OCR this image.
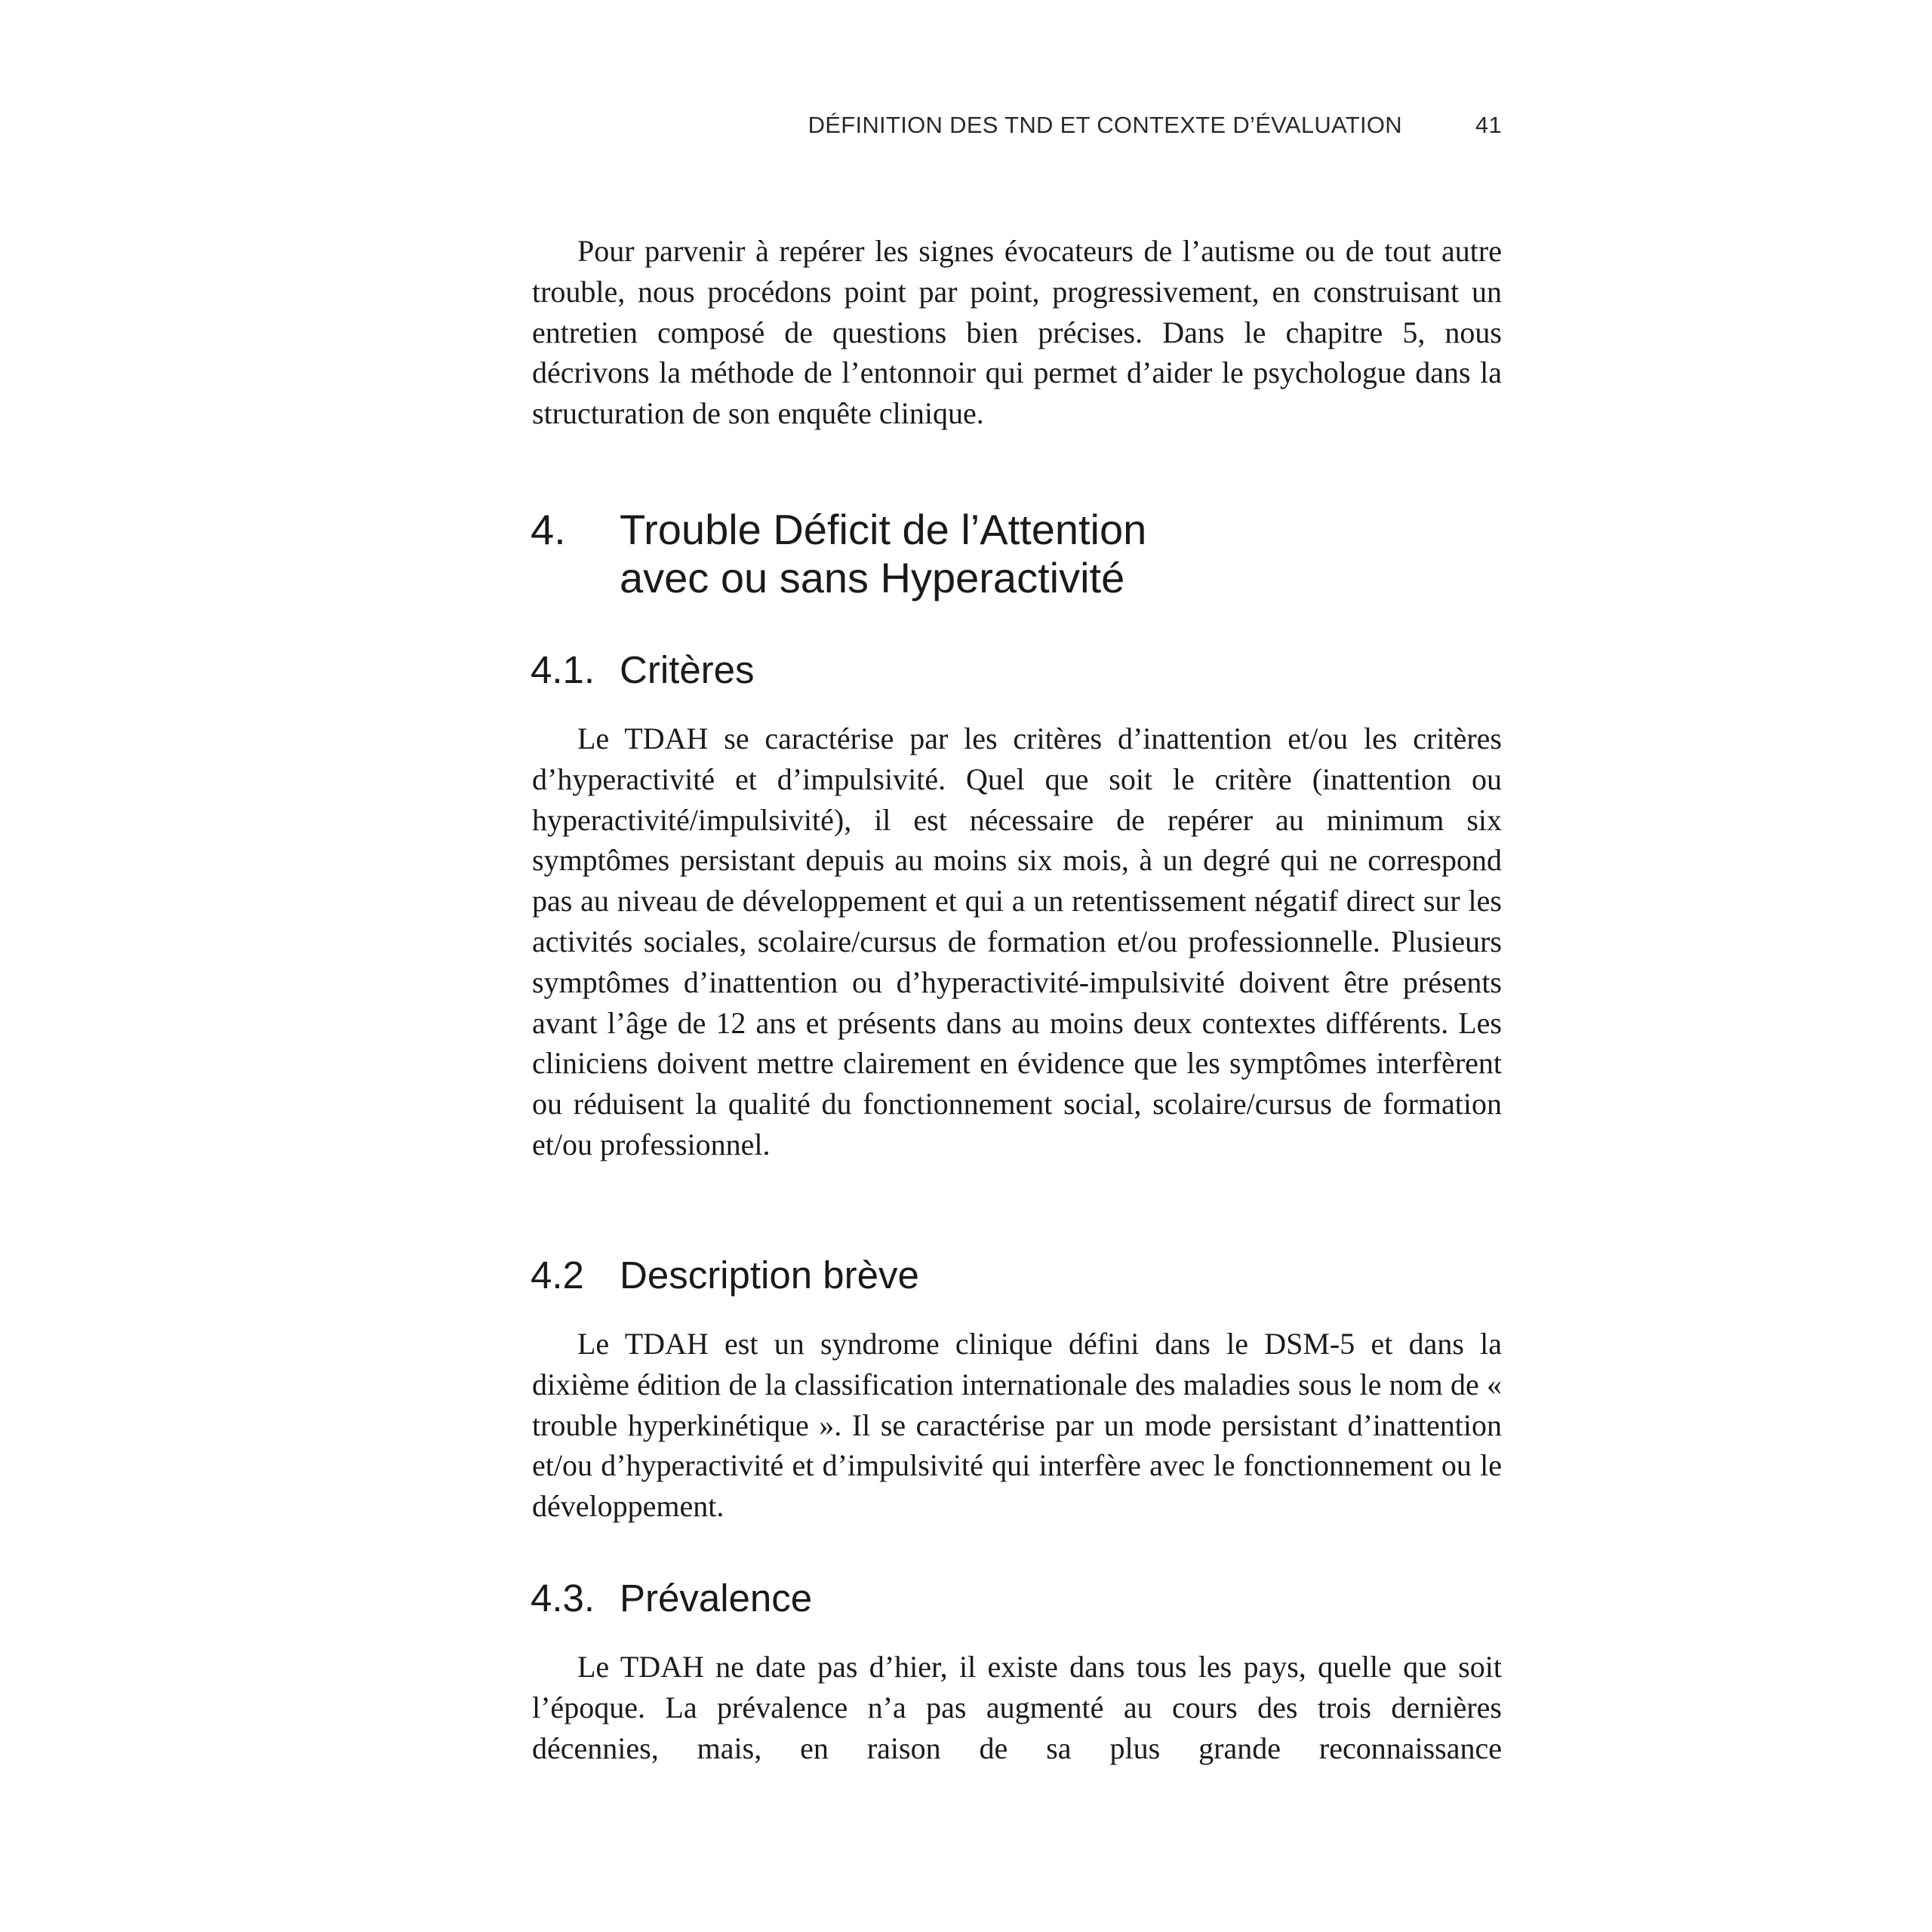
DÉFINITION DES TND ET CONTEXTE D’ÉVALUATION	41

Pour parvenir à repérer les signes évocateurs de l’autisme ou de tout autre trouble, nous procédons point par point, progressivement, en construisant un entretien composé de questions bien précises. Dans le chapitre 5, nous décrivons la méthode de l’entonnoir qui permet d’aider le psychologue dans la structuration de son enquête clinique.

4. Trouble Déficit de l’Attention avec ou sans Hyperactivité
4.1. Critères

Le TDAH se caractérise par les critères d’inattention et/ou les critères d’hyperactivité et d’impulsivité. Quel que soit le critère (inattention ou hyperactivité/impulsivité), il est nécessaire de repérer au minimum six symptômes persistant depuis au moins six mois, à un degré qui ne correspond pas au niveau de développement et qui a un retentissement négatif direct sur les activités sociales, scolaire/cursus de formation et/ou professionnelle. Plusieurs symptômes d’inattention ou d’hyperactivité-impulsivité doivent être présents avant l’âge de 12 ans et présents dans au moins deux contextes différents. Les cliniciens doivent mettre clairement en évidence que les symptômes interfèrent ou réduisent la qualité du fonctionnement social, scolaire/cursus de formation et/ou professionnel.

4.2 Description brève

Le TDAH est un syndrome clinique défini dans le DSM-5 et dans la dixième édition de la classification internationale des maladies sous le nom de « trouble hyperkinétique ». Il se caractérise par un mode persistant d’inattention et/ou d’hyperactivité et d’impulsivité qui interfère avec le fonctionnement ou le développement.

4.3. Prévalence

Le TDAH ne date pas d’hier, il existe dans tous les pays, quelle que soit l’époque. La prévalence n’a pas augmenté au cours des trois dernières décennies, mais, en raison de sa plus grande reconnaissance
